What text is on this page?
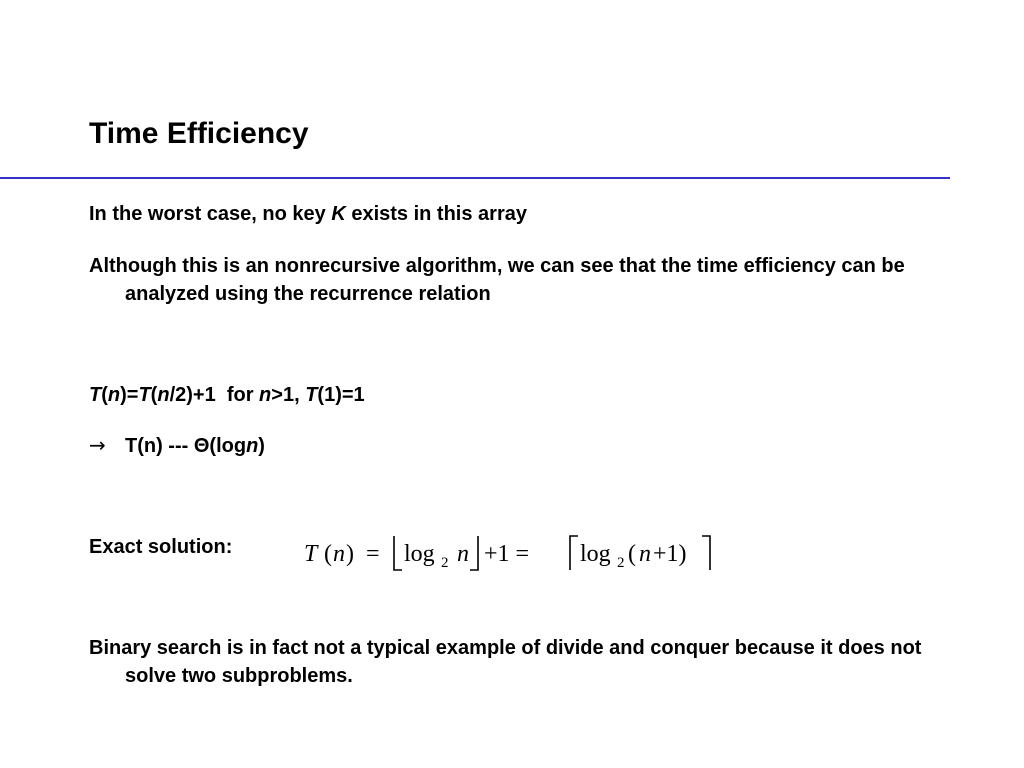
Time Efficiency

In the worst case, no key K exists in this array

Although this is an nonrecursive algorithm, we can see that the time efficiency can be analyzed using the recurrence relation

T(n)=T(n/2)+1  for n>1, T(1)=1

→ T(n) --- Θ(logn)

Exact solution:	T ( n )  = log 2 n +1 = log 2 ( n +1)

Binary search is in fact not a typical example of divide and conquer because it does not solve two subproblems.
